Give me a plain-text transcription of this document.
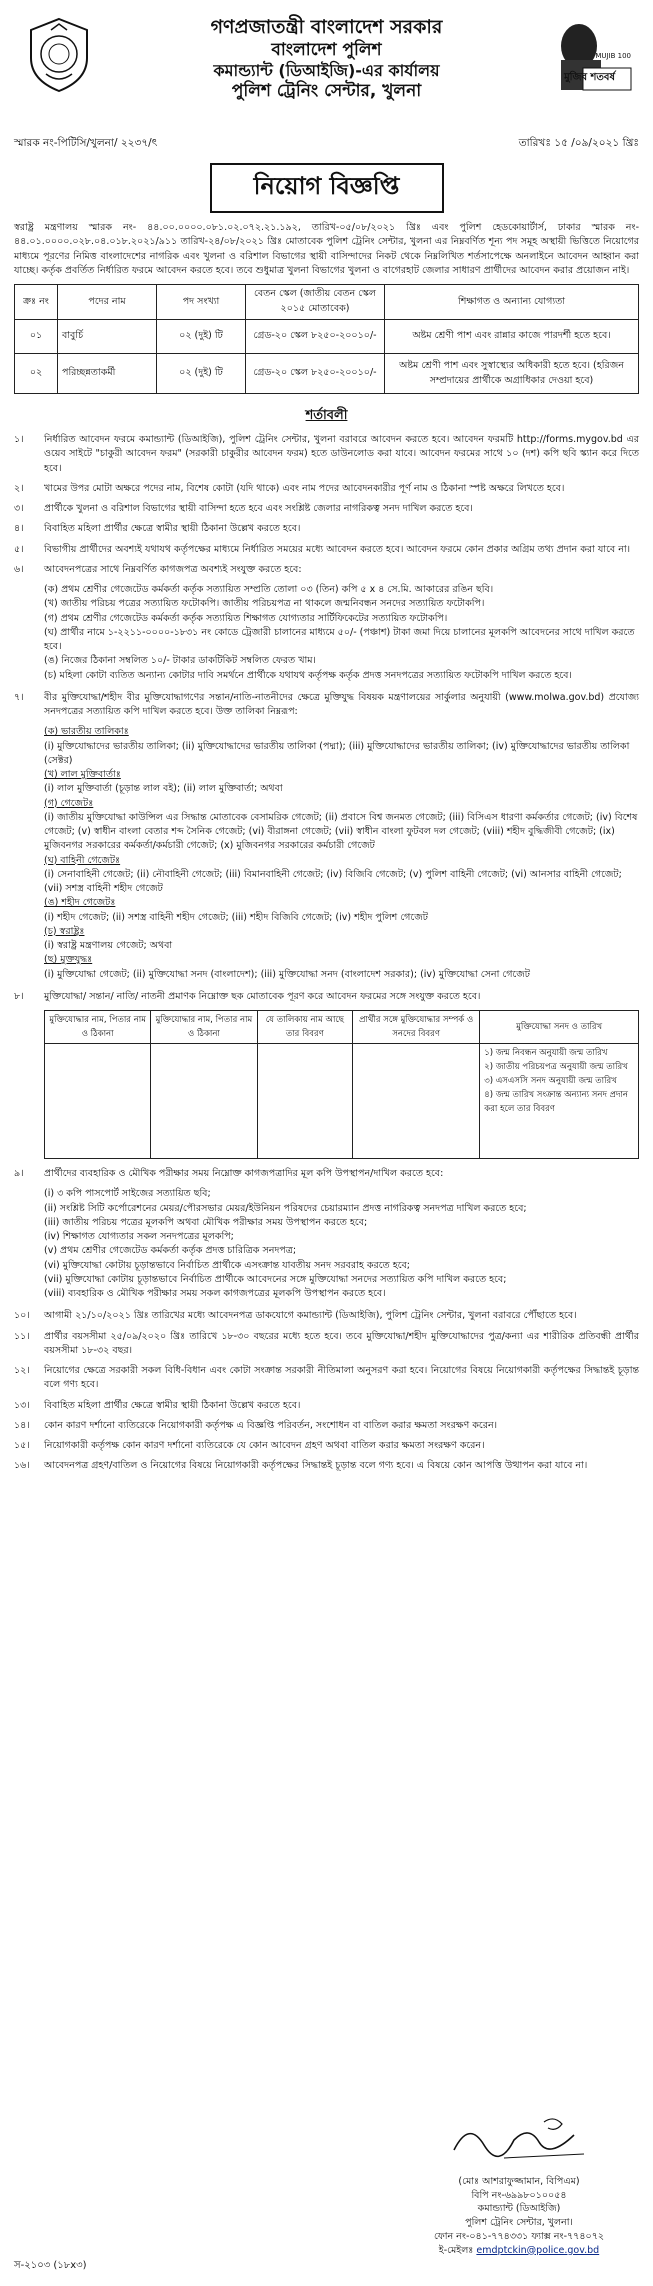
মুজিব শতবর্ষ
MUJIB 100
গণপ্রজাতন্ত্রী বাংলাদেশ সরকার
বাংলাদেশ পুলিশ
কমান্ড্যান্ট (ডিআইজি)-এর কার্যালয়
পুলিশ ট্রেনিং সেন্টার, খুলনা
স্মারক নং-পিটিসি/খুলনা/ ২২৩৭/ৎ	তারিখঃ ১৫ /০৯/২০২১ খ্রিঃ
নিয়োগ বিজ্ঞপ্তি
স্বরাষ্ট্র মন্ত্রণালয় স্মারক নং- ৪৪.০০.০০০০.০৮১.০২.০৭২.২১.১৯২, তারিখ-০৫/০৮/২০২১ খ্রিঃ এবং পুলিশ হেডকোয়ার্টার্স, ঢাকার স্মারক নং- ৪৪.০১.০০০০.০২৮.০৪.০১৮.২০২১/৯১১ তারিখ-২৪/০৮/২০২১ খ্রিঃ মোতাবেক পুলিশ ট্রেনিং সেন্টার, খুলনা এর নিম্নবর্ণিত শূন্য পদ সমূহ অস্থায়ী ভিত্তিতে নিয়োগের মাধ্যমে পূরণের নিমিত্ত বাংলাদেশের নাগরিক এবং খুলনা ও বরিশাল বিভাগের স্থায়ী বাসিন্দাদের নিকট থেকে নিম্নলিখিত শর্তসাপেক্ষে অনলাইনে আবেদন আহ্বান করা যাচ্ছে। কর্তৃক প্রবর্তিত নির্ধারিত ফরমে আবেদন করতে হবে। তবে শুধুমাত্র খুলনা বিভাগের খুলনা ও বাগেরহাট জেলার সাধারণ প্রার্থীদের আবেদন করার প্রয়োজন নাই।
ক্রঃ নং	পদের নাম	পদ সংখ্যা	বেতন স্কেল (জাতীয় বেতন স্কেল ২০১৫ মোতাবেক)	শিক্ষাগত ও অন্যান্য যোগ্যতা
০১	বাবুর্চি	০২ (দুই) টি	গ্রেড-২০ স্কেল ৮২৫০-২০০১০/-	অষ্টম শ্রেণী পাশ এবং রান্নার কাজে পারদর্শী হতে হবে।
০২	পরিচ্ছন্নতাকর্মী	০২ (দুই) টি	গ্রেড-২০ স্কেল ৮২৫০-২০০১০/-	অষ্টম শ্রেণী পাশ এবং সুস্বাস্থ্যের অধিকারী হতে হবে। (হরিজন সম্প্রদায়ের প্রার্থীকে অগ্রাধিকার দেওয়া হবে)
শর্তাবলী
১।	নির্ধারিত আবেদন ফরমে কমান্ড্যান্ট (ডিআইজি), পুলিশ ট্রেনিং সেন্টার, খুলনা বরাবরে আবেদন করতে হবে। আবেদন ফরমটি http://forms.mygov.bd এর ওয়েব সাইটে "চাকুরী আবেদন ফরম" (সরকারী চাকুরীর আবেদন ফরম) হতে ডাউনলোড করা যাবে। আবেদন ফরমের সাথে ১০ (দশ) কপি ছবি স্ক্যান করে দিতে হবে।
২।	খামের উপর মোটা অক্ষরে পদের নাম, বিশেষ কোটা (যদি থাকে) এবং নাম পদের আবেদনকারীর পূর্ণ নাম ও ঠিকানা স্পষ্ট অক্ষরে লিখতে হবে।
৩।	প্রার্থীকে খুলনা ও বরিশাল বিভাগের স্থায়ী বাসিন্দা হতে হবে এবং সংশ্লিষ্ট জেলার নাগরিকত্ব সনদ দাখিল করতে হবে।
৪।	বিবাহিত মহিলা প্রার্থীর ক্ষেত্রে স্বামীর স্থায়ী ঠিকানা উল্লেখ করতে হবে।
৫।	বিভাগীয় প্রার্থীদের অবশ্যই যথাযথ কর্তৃপক্ষের মাধ্যমে নির্ধারিত সময়ের মধ্যে আবেদন করতে হবে। আবেদন ফরমে কোন প্রকার অগ্রিম তথ্য প্রদান করা যাবে না।
৬।	আবেদনপত্রের সাথে নিম্নবর্ণিত কাগজপত্র অবশ্যই সংযুক্ত করতে হবে:
(ক) প্রথম শ্রেণীর গেজেটেড কর্মকর্তা কর্তৃক সত্যায়িত সম্প্রতি তোলা ০৩ (তিন) কপি ৫ x ৪ সে.মি. আকারের রঙিন ছবি।
(খ) জাতীয় পরিচয় পত্রের সত্যায়িত ফটোকপি। জাতীয় পরিচয়পত্র না থাকলে জন্মনিবন্ধন সনদের সত্যায়িত ফটোকপি।
(গ) প্রথম শ্রেণীর গেজেটেড কর্মকর্তা কর্তৃক সত্যায়িত শিক্ষাগত যোগ্যতার সার্টিফিকেটের সত্যায়িত ফটোকপি।
(ঘ) প্রার্থীর নামে ১-২২১১-০০০০-১৮৩১ নং কোডে ট্রেজারী চালানের মাধ্যমে ৫০/- (পঞ্চাশ) টাকা জমা দিয়ে চালানের মূলকপি আবেদনের সাথে দাখিল করতে হবে।
(ঙ) নিজের ঠিকানা সম্বলিত ১০/- টাকার ডাকটিকিট সম্বলিত ফেরত খাম।
(চ) মহিলা কোটা ব্যতিত অন্যান্য কোটার দাবি সমর্থনে প্রার্থীকে যথাযথ কর্তৃপক্ষ কর্তৃক প্রদত্ত সনদপত্রের সত্যায়িত ফটোকপি দাখিল করতে হবে।
৭।	বীর মুক্তিযোদ্ধা/শহীদ বীর মুক্তিযোদ্ধাগণের সন্তান/নাতি-নাতনীদের ক্ষেত্রে মুক্তিযুদ্ধ বিষয়ক মন্ত্রণালয়ের সার্কুলার অনুযায়ী (www.molwa.gov.bd) প্রযোজ্য সনদপত্রের সত্যায়িত কপি দাখিল করতে হবে। উক্ত তালিকা নিম্নরূপ:
(ক) ভারতীয় তালিকাঃ
(i) মুক্তিযোদ্ধাদের ভারতীয় তালিকা; (ii) মুক্তিযোদ্ধাদের ভারতীয় তালিকা (পদ্মা); (iii) মুক্তিযোদ্ধাদের ভারতীয় তালিকা; (iv) মুক্তিযোদ্ধাদের ভারতীয় তালিকা (সেক্টর)
(খ) লাল মুক্তিবার্তাঃ
(i) লাল মুক্তিবার্তা (চূড়ান্ত লাল বই); (ii) লাল মুক্তিবার্তা; অথবা
(গ) গেজেটঃ
(i) জাতীয় মুক্তিযোদ্ধা কাউন্সিল এর সিদ্ধান্ত মোতাবেক বেসামরিক গেজেট; (ii) প্রবাসে বিশ্ব জনমত গেজেট; (iii) বিসিএস ধারণা কর্মকর্তার গেজেট; (iv) বিশেষ গেজেট; (v) স্বাধীন বাংলা বেতার শব্দ সৈনিক গেজেট; (vi) বীরাঙ্গনা গেজেট; (vii) স্বাধীন বাংলা ফুটবল দল গেজেট; (viii) শহীদ বুদ্ধিজীবী গেজেট; (ix) মুজিবনগর সরকারের কর্মকর্তা/কর্মচারী গেজেট; (x) মুজিবনগর সরকারের কর্মচারী গেজেট
(ঘ) বাহিনী গেজেটঃ
(i) সেনাবাহিনী গেজেট; (ii) নৌবাহিনী গেজেট; (iii) বিমানবাহিনী গেজেট; (iv) বিজিবি গেজেট; (v) পুলিশ বাহিনী গেজেট; (vi) আনসার বাহিনী গেজেট; (vii) সশস্ত্র বাহিনী শহীদ গেজেট
(ঙ) শহীদ গেজেটঃ
(i) শহীদ গেজেট; (ii) সশস্ত্র বাহিনী শহীদ গেজেট; (iii) শহীদ বিজিবি গেজেট; (iv) শহীদ পুলিশ গেজেট
(চ) স্বরাষ্ট্রঃ
(i) স্বরাষ্ট্র মন্ত্রণালয় গেজেট; অথবা
(ছ) মুক্তযুদ্ধঃ
(i) মুক্তিযোদ্ধা গেজেট; (ii) মুক্তিযোদ্ধা সনদ (বাংলাদেশ); (iii) মুক্তিযোদ্ধা সনদ (বাংলাদেশ সরকার); (iv) মুক্তিযোদ্ধা সেনা গেজেট
৮।	মুক্তিযোদ্ধা/ সন্তান/ নাতি/ নাতনী প্রমাণক নিম্নোক্ত ছক মোতাবেক পূরণ করে আবেদন ফরমের সঙ্গে সংযুক্ত করতে হবে।
মুক্তিযোদ্ধার নাম, পিতার নাম ও ঠিকানা	মুক্তিযোদ্ধার নাম, পিতার নাম ও ঠিকানা	যে তালিকায় নাম আছে তার বিবরণ	প্রার্থীর সঙ্গে মুক্তিযোদ্ধার সম্পর্ক ও সনদের বিবরণ	মুক্তিযোদ্ধা সনদ ও তারিখ

				১) জন্ম নিবন্ধন অনুযায়ী জন্ম তারিখ
২) জাতীয় পরিচয়পত্র অনুযায়ী জন্ম তারিখ
৩) এসএসসি সনদ অনুযায়ী জন্ম তারিখ
৪) জন্ম তারিখ সংক্রান্ত অন্যান্য সনদ প্রদান করা হলে তার বিবরণ
৯।	প্রার্থীদের ব্যবহারিক ও মৌখিক পরীক্ষার সময় নিম্নোক্ত কাগজপত্রাদির মূল কপি উপস্থাপন/দাখিল করতে হবে:
(i) ৩ কপি পাসপোর্ট সাইজের সত্যায়িত ছবি;
(ii) সংশ্লিষ্ট সিটি কর্পোরেশনের মেয়র/পৌরসভার মেয়র/ইউনিয়ন পরিষদের চেয়ারম্যান প্রদত্ত নাগরিকত্ব সনদপত্র দাখিল করতে হবে;
(iii) জাতীয় পরিচয় পত্রের মূলকপি অথবা মৌখিক পরীক্ষার সময় উপস্থাপন করতে হবে;
(iv) শিক্ষাগত যোগ্যতার সকল সনদপত্রের মূলকপি;
(v) প্রথম শ্রেণীর গেজেটেড কর্মকর্তা কর্তৃক প্রদত্ত চারিত্রিক সনদপত্র;
(vi) মুক্তিযোদ্ধা কোটায় চূড়ান্তভাবে নির্বাচিত প্রার্থীকে এসংক্রান্ত যাবতীয় সনদ সরবরাহ করতে হবে;
(vii) মুক্তিযোদ্ধা কোটায় চূড়ান্তভাবে নির্বাচিত প্রার্থীকে আবেদনের সঙ্গে মুক্তিযোদ্ধা সনদের সত্যায়িত কপি দাখিল করতে হবে;
(viii) ব্যবহারিক ও মৌখিক পরীক্ষার সময় সকল কাগজপত্রের মূলকপি উপস্থাপন করতে হবে।
১০।	আগামী ২১/১০/২০২১ খ্রিঃ তারিখের মধ্যে আবেদনপত্র ডাকযোগে কমান্ড্যান্ট (ডিআইজি), পুলিশ ট্রেনিং সেন্টার, খুলনা বরাবরে পৌঁছাতে হবে।
১১।	প্রার্থীর বয়সসীমা ২৫/০৯/২০২০ খ্রিঃ তারিখে ১৮-৩০ বছরের মধ্যে হতে হবে। তবে মুক্তিযোদ্ধা/শহীদ মুক্তিযোদ্ধাদের পুত্র/কন্যা এর শারীরিক প্রতিবন্ধী প্রার্থীর বয়সসীমা ১৮-৩২ বছর।
১২।	নিয়োগের ক্ষেত্রে সরকারী সকল বিধি-বিধান এবং কোটা সংক্রান্ত সরকারী নীতিমালা অনুসরণ করা হবে। নিয়োগের বিষয়ে নিয়োগকারী কর্তৃপক্ষের সিদ্ধান্তই চূড়ান্ত বলে গণ্য হবে।
১৩।	বিবাহিত মহিলা প্রার্থীর ক্ষেত্রে স্বামীর স্থায়ী ঠিকানা উল্লেখ করতে হবে।
১৪।	কোন কারণ দর্শানো ব্যতিরেকে নিয়োগকারী কর্তৃপক্ষ এ বিজ্ঞপ্তি পরিবর্তন, সংশোধন বা বাতিল করার ক্ষমতা সংরক্ষণ করেন।
১৫।	নিয়োগকারী কর্তৃপক্ষ কোন কারণ দর্শানো ব্যতিরেকে যে কোন আবেদন গ্রহণ অথবা বাতিল করার ক্ষমতা সংরক্ষণ করেন।
১৬।	আবেদনপত্র গ্রহণ/বাতিল ও নিয়োগের বিষয়ে নিয়োগকারী কর্তৃপক্ষের সিদ্ধান্তই চূড়ান্ত বলে গণ্য হবে। এ বিষয়ে কোন আপত্তি উত্থাপন করা যাবে না।
(মোঃ আশরাফুজ্জামান, বিপিএম)
বিপি নং-৬৯৯৮০১০০৫৪
কমান্ড্যান্ট (ডিআইজি)
পুলিশ ট্রেনিং সেন্টার, খুলনা।
ফোন নং-০৪১-৭৭৪৩৩১ ফ্যাক্স নং-৭৭৪০৭২
ই-মেইলঃ emdptckin@police.gov.bd
স-২১০৩ (১৮x৩)
